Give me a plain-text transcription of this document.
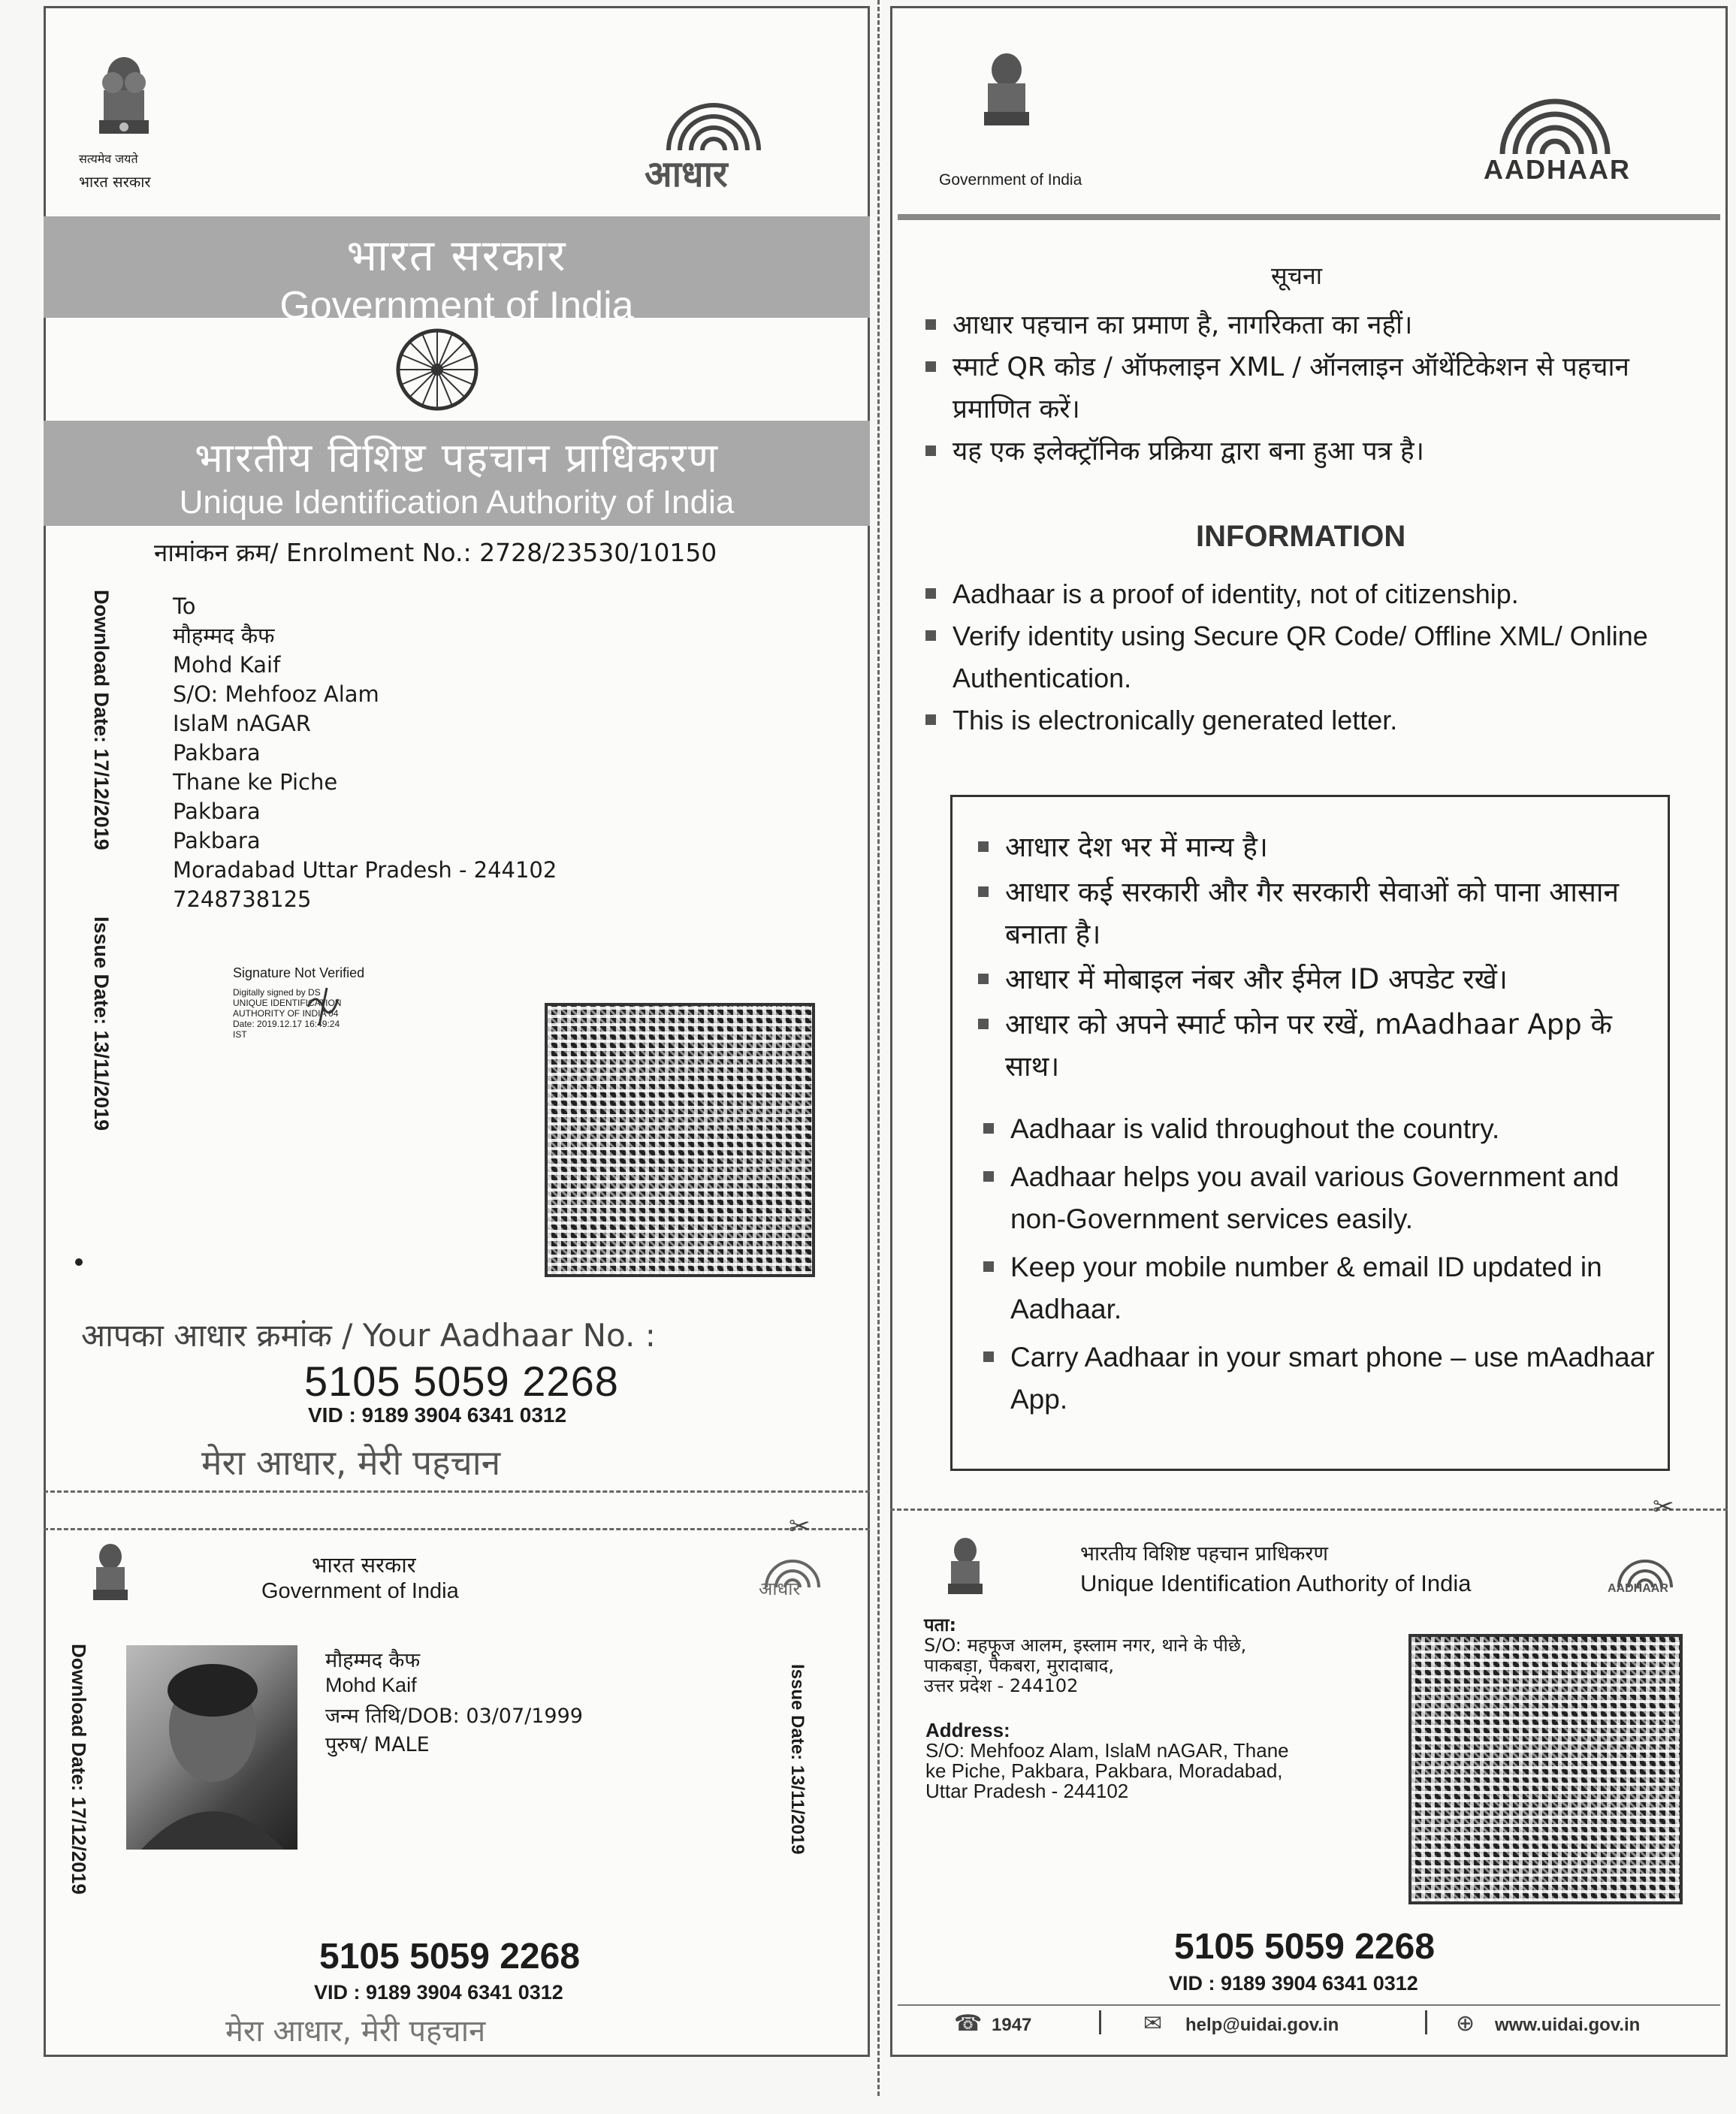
सत्यमेव जयते
भारत सरकार	आधार
भारत सरकार
Government of India
भारतीय विशिष्ट पहचान प्राधिकरण
Unique Identification Authority of India
नामांकन क्रम/ Enrolment No.: 2728/23530/10150
Download Date: 17/12/2019
Issue Date: 13/11/2019
To
मौहम्मद कैफ
Mohd Kaif
S/O: Mehfooz Alam
IslaM nAGAR
Pakbara
Thane ke Piche
Pakbara
Pakbara
Moradabad Uttar Pradesh - 244102
7248738125
Signature Not Verified
Digitally signed by DS
UNIQUE IDENTIFICATION
AUTHORITY OF INDIA 04
Date: 2019.12.17 16:49:24
IST
आपका आधार क्रमांक / Your Aadhaar No. :
5105 5059 2268
VID : 9189 3904 6341 0312
मेरा आधार, मेरी पहचान
✂
भारत सरकार
Government of India	आधार
Download Date: 17/12/2019	Issue Date: 13/11/2019
मौहम्मद कैफ
Mohd Kaif
जन्म तिथि/DOB: 03/07/1999
पुरुष/ MALE
5105 5059 2268
VID : 9189 3904 6341 0312
मेरा आधार, मेरी पहचान
Government of India	AADHAAR
सूचना
आधार पहचान का प्रमाण है, नागरिकता का नहीं।
स्मार्ट QR कोड / ऑफलाइन XML / ऑनलाइन ऑथेंटिकेशन से पहचान प्रमाणित करें।
यह एक इलेक्ट्रॉनिक प्रक्रिया द्वारा बना हुआ पत्र है।
INFORMATION
Aadhaar is a proof of identity, not of citizenship.
Verify identity using Secure QR Code/ Offline XML/ Online Authentication.
This is electronically generated letter.
आधार देश भर में मान्य है।
आधार कई सरकारी और गैर सरकारी सेवाओं को पाना आसान बनाता है।
आधार में मोबाइल नंबर और ईमेल ID अपडेट रखें।
आधार को अपने स्मार्ट फोन पर रखें, mAadhaar App के साथ।
Aadhaar is valid throughout the country.
Aadhaar helps you avail various Government and non-Government services easily.
Keep your mobile number & email ID updated in Aadhaar.
Carry Aadhaar in your smart phone – use mAadhaar App.
✂
भारतीय विशिष्ट पहचान प्राधिकरण
Unique Identification Authority of India	AADHAAR
पता:
S/O: महफूज आलम, इस्लाम नगर, थाने के पीछे,
पाकबड़ा, पैकबरा, मुरादाबाद,
उत्तर प्रदेश - 244102
Address:
S/O: Mehfooz Alam, IslaM nAGAR, Thane
ke Piche, Pakbara, Pakbara, Moradabad,
Uttar Pradesh - 244102
5105 5059 2268
VID : 9189 3904 6341 0312
☎ 1947	✉ help@uidai.gov.in	⊕ www.uidai.gov.in
